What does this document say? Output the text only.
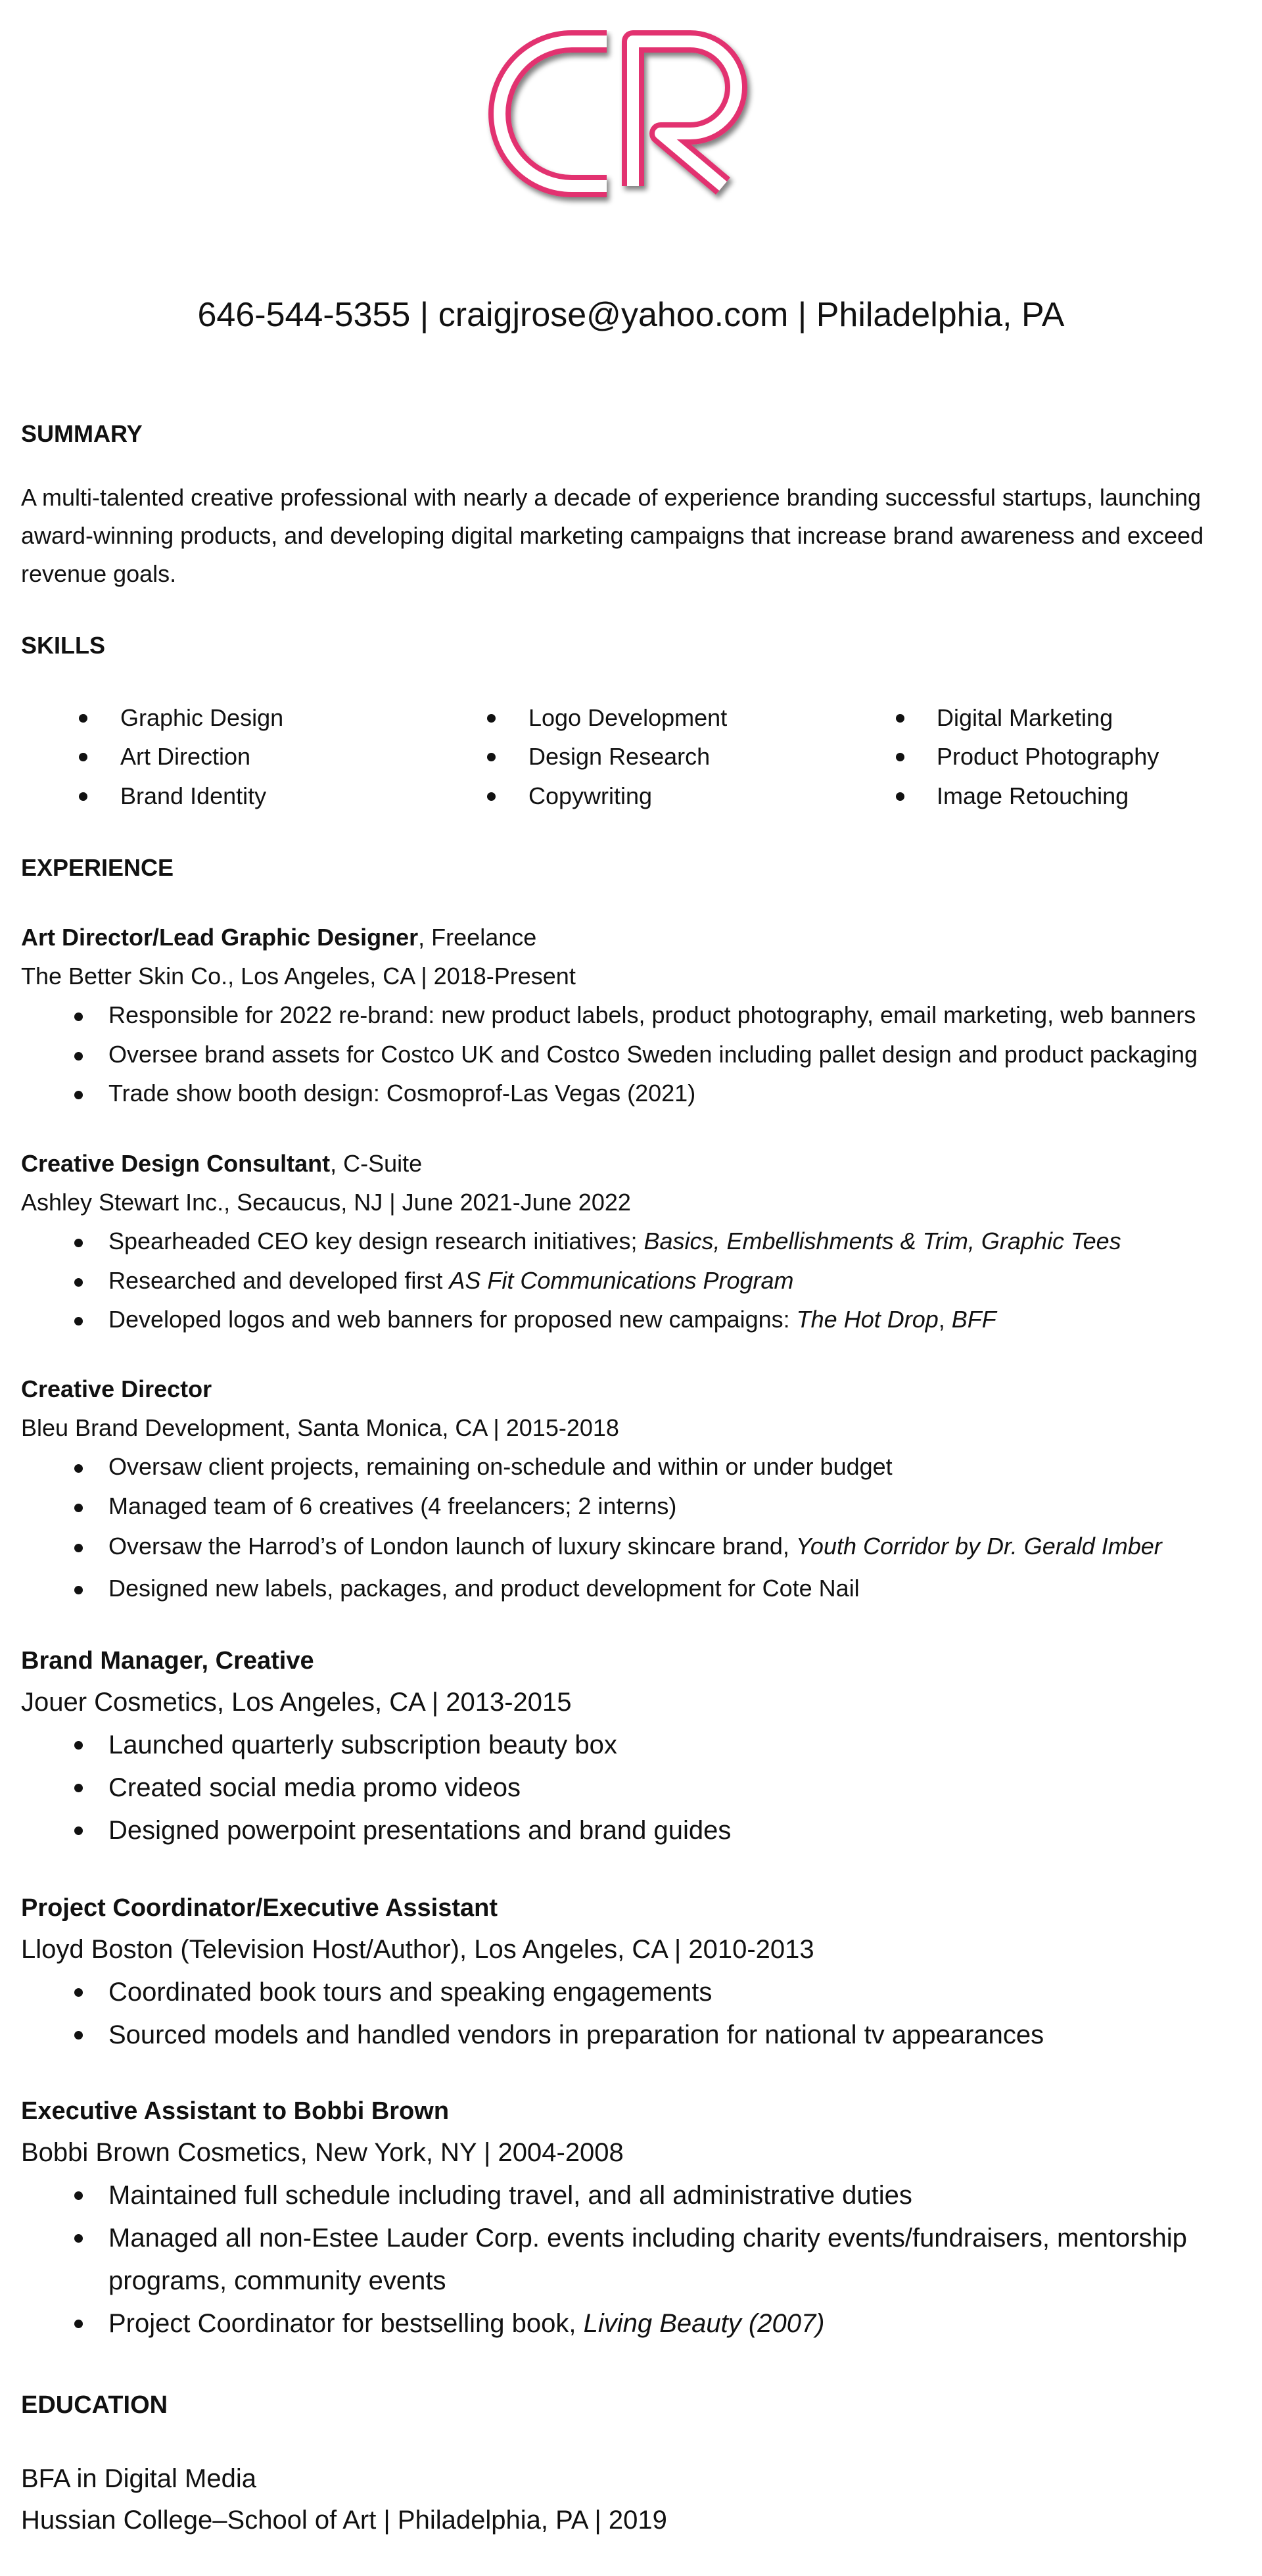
646-544-5355 | craigjrose@yahoo.com | Philadelphia, PA
SUMMARY
A multi-talented creative professional with nearly a decade of experience branding successful startups, launching award-winning products, and developing digital marketing campaigns that increase brand awareness and exceed revenue goals.
SKILLS
Graphic Design
Art Direction
Brand Identity
Logo Development
Design Research
Copywriting
Digital Marketing
Product Photography
Image Retouching
EXPERIENCE
Art Director/Lead Graphic Designer, Freelance
The Better Skin Co., Los Angeles, CA | 2018-Present
Responsible for 2022 re-brand: new product labels, product photography, email marketing, web banners
Oversee brand assets for Costco UK and Costco Sweden including pallet design and product packaging
Trade show booth design: Cosmoprof-Las Vegas (2021)
Creative Design Consultant, C-Suite
Ashley Stewart Inc., Secaucus, NJ | June 2021-June 2022
Spearheaded CEO key design research initiatives; Basics, Embellishments & Trim, Graphic Tees
Researched and developed first AS Fit Communications Program
Developed logos and web banners for proposed new campaigns: The Hot Drop, BFF
Creative Director
Bleu Brand Development, Santa Monica, CA | 2015-2018
Oversaw client projects, remaining on-schedule and within or under budget
Managed team of 6 creatives (4 freelancers; 2 interns)
Oversaw the Harrod’s of London launch of luxury skincare brand, Youth Corridor by Dr. Gerald Imber
Designed new labels, packages, and product development for Cote Nail
Brand Manager, Creative
Jouer Cosmetics, Los Angeles, CA | 2013-2015
Launched quarterly subscription beauty box
Created social media promo videos
Designed powerpoint presentations and brand guides
Project Coordinator/Executive Assistant
Lloyd Boston (Television Host/Author), Los Angeles, CA | 2010-2013
Coordinated book tours and speaking engagements
Sourced models and handled vendors in preparation for national tv appearances
Executive Assistant to Bobbi Brown
Bobbi Brown Cosmetics, New York, NY | 2004-2008
Maintained full schedule including travel, and all administrative duties
Managed all non-Estee Lauder Corp. events including charity events/fundraisers, mentorship
programs, community events
Project Coordinator for bestselling book, Living Beauty (2007)
EDUCATION
BFA in Digital Media
Hussian College–School of Art | Philadelphia, PA | 2019
